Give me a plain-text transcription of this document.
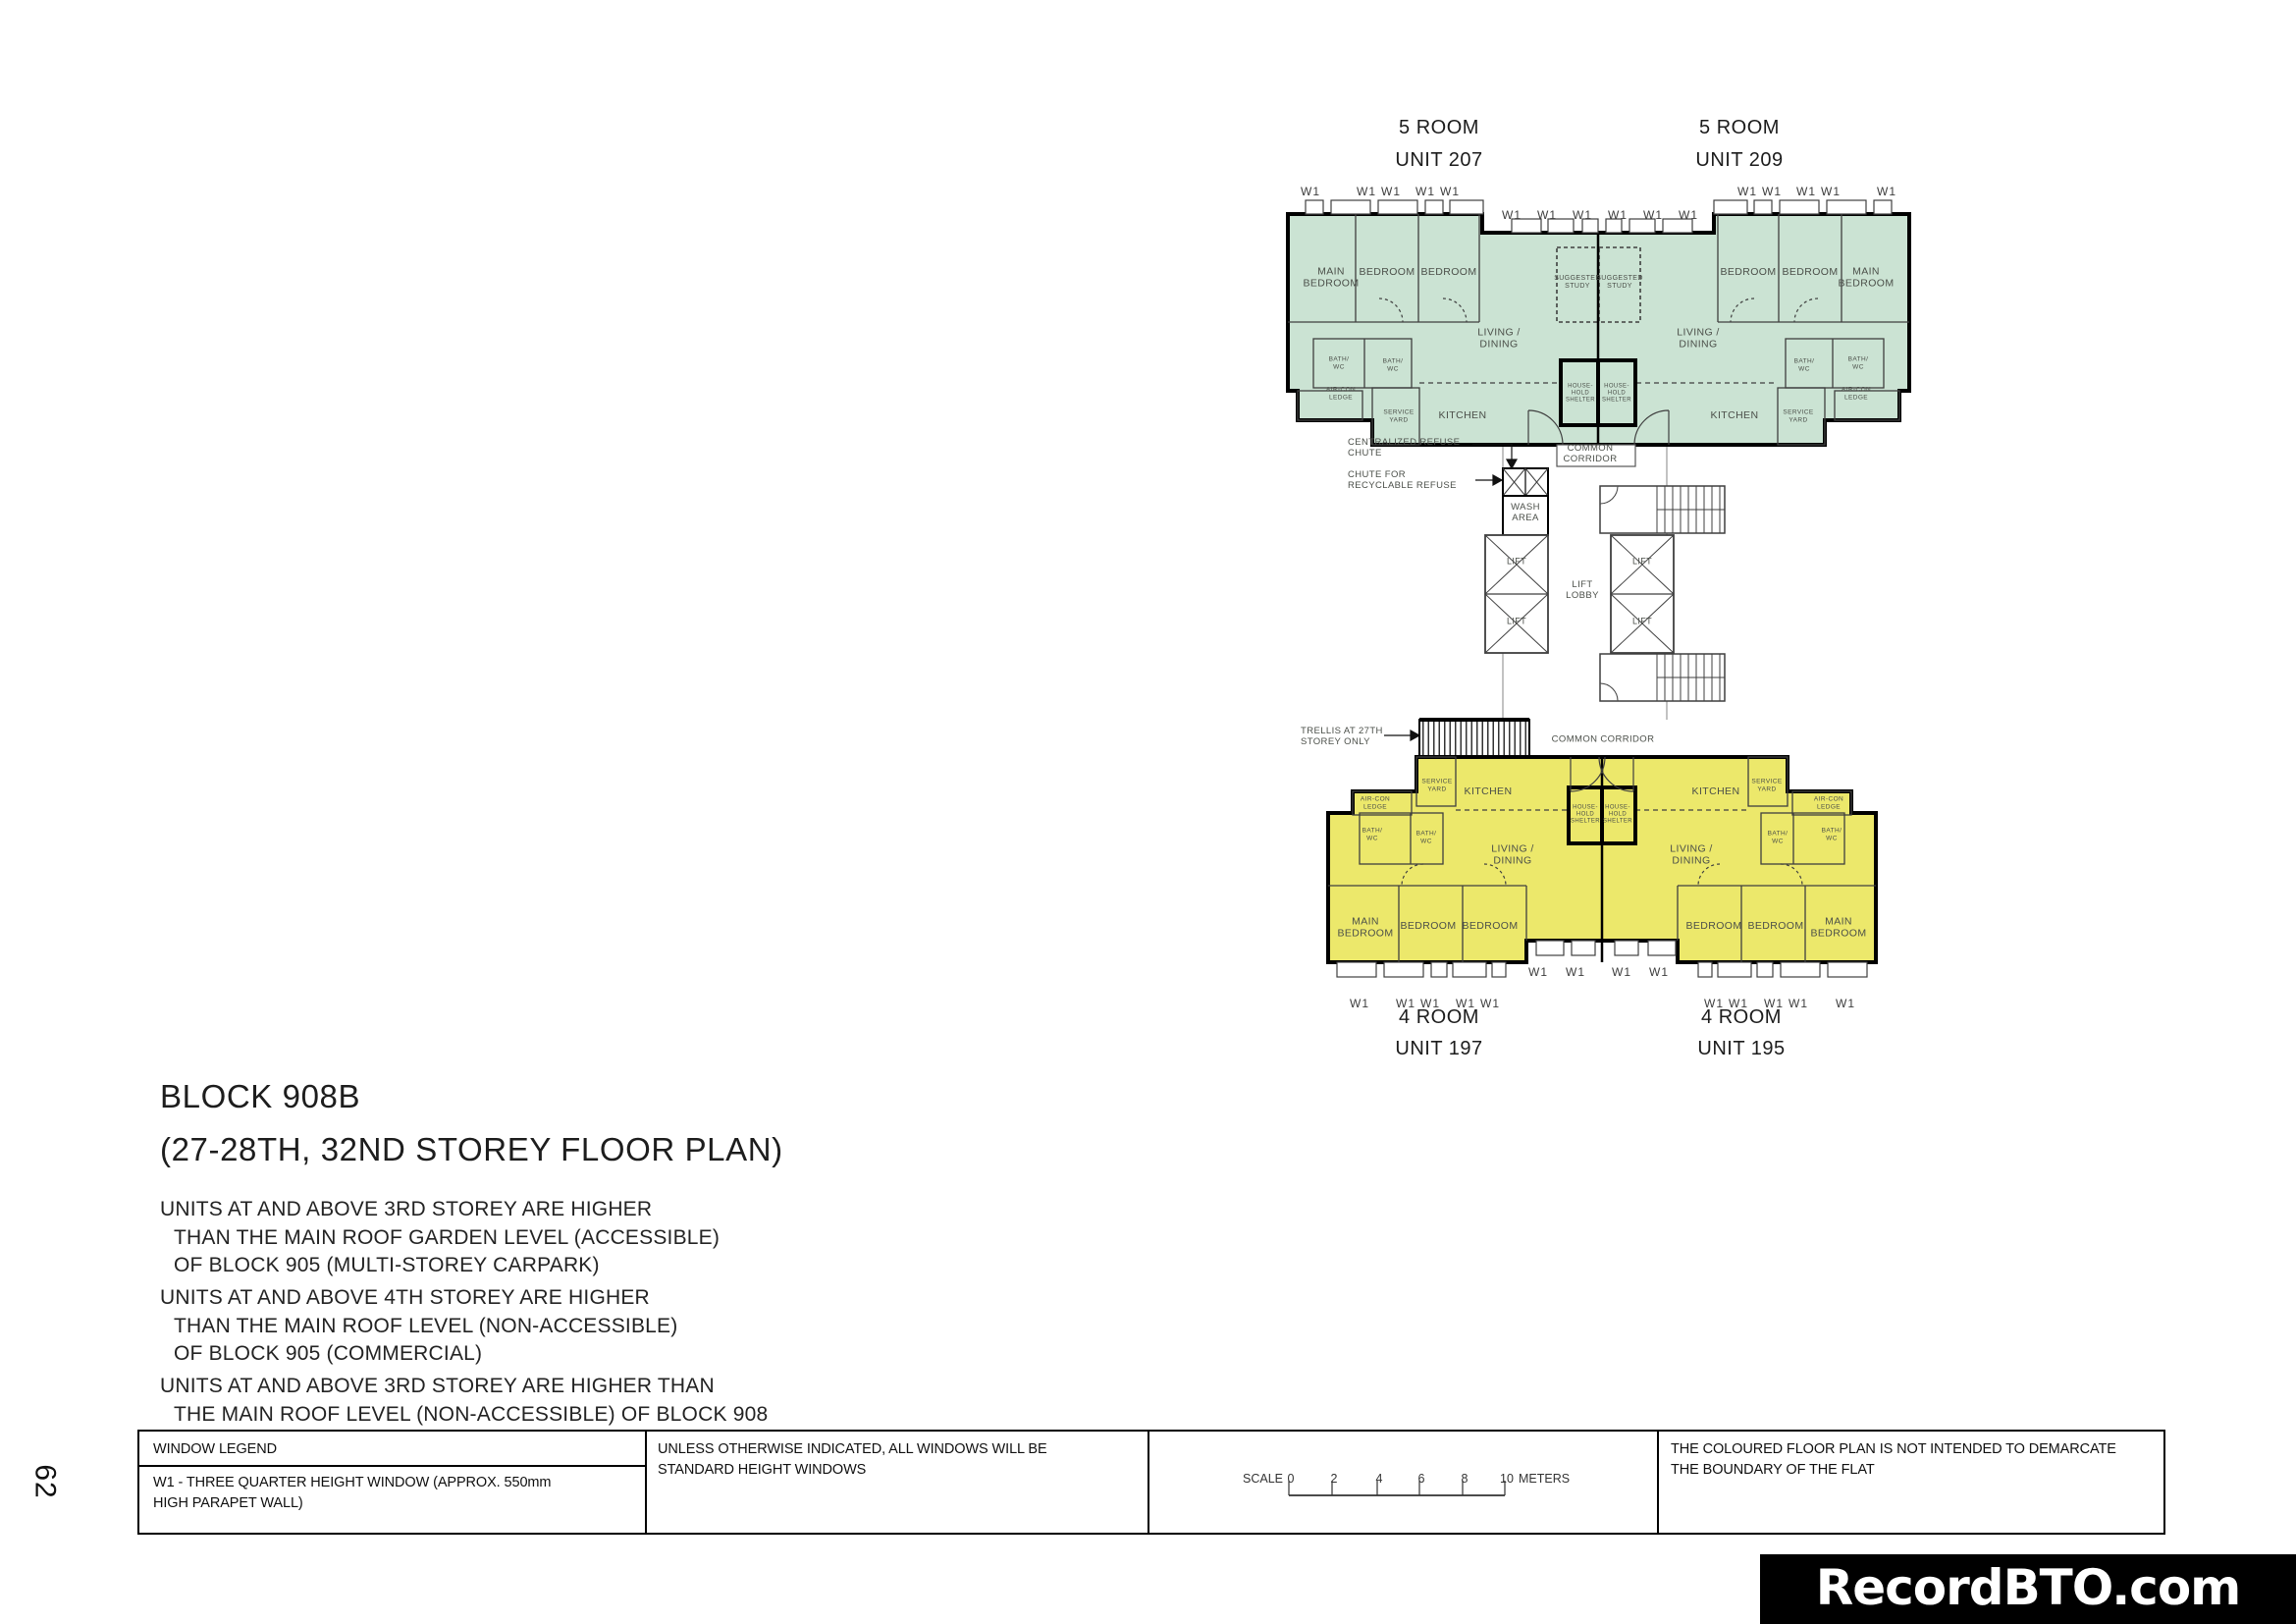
5 ROOM
UNIT 207
5 ROOM
UNIT 209
4 ROOM
UNIT 197
4 ROOM
UNIT 195
MAIN
BEDROOM
BEDROOM BEDROOM
SUGGESTED
STUDY
SUGGESTED
STUDY
LIVING /
DINING
BATH/
WC
BATH/
WC
AIR-CON
LEDGE
SERVICE
YARD	KITCHEN
HOUSE-
HOLD
SHELTER
HOUSE-
HOLD
SHELTER
BEDROOM BEDROOM	MAIN
BEDROOM
LIVING /
DINING
BATH/
WC
BATH/
WC
AIR-CON
LEDGE
SERVICE
YARD
KITCHEN
CENTRALIZED REFUSE
CHUTE
CHUTE FOR
RECYCLABLE REFUSE
COMMON
CORRIDOR
WASH
AREA
LIFT
LIFT
LIFT
LIFT
LIFT
LOBBY
TRELLIS AT 27TH
STOREY ONLY	COMMON CORRIDOR
AIR-CON
LEDGE
SERVICE
YARD	KITCHEN
BATH/
WC
BATH/
WC
HOUSE-
HOLD
SHELTER
HOUSE-
HOLD
SHELTER
LIVING /
DINING
MAIN
BEDROOM
BEDROOM BEDROOM
KITCHEN
SERVICE
YARD
AIR-CON
LEDGE
BATH/
WC
BATH/
WC
LIVING /
DINING
BEDROOM BEDROOM	MAIN
BEDROOM
W1	W1 W1 W1 W1
W1 W1 W1 W1 W1 W1
W1 W1 W1 W1	W1
W1 W1 W1 W1 W1
W1 W1 W1 W1
W1 W1 W1 W1 W1
BLOCK 908B
(27-28TH, 32ND STOREY FLOOR PLAN)
UNITS AT AND ABOVE 3RD STOREY ARE HIGHER
THAN THE MAIN ROOF GARDEN LEVEL (ACCESSIBLE)
OF BLOCK 905 (MULTI-STOREY CARPARK)
UNITS AT AND ABOVE 4TH STOREY ARE HIGHER
THAN THE MAIN ROOF LEVEL (NON-ACCESSIBLE)
OF BLOCK 905 (COMMERCIAL)
UNITS AT AND ABOVE 3RD STOREY ARE HIGHER THAN
THE MAIN ROOF LEVEL (NON-ACCESSIBLE) OF BLOCK 908
WINDOW LEGEND
W1 - THREE QUARTER HEIGHT WINDOW (APPROX. 550mm HIGH PARAPET WALL)
UNLESS OTHERWISE INDICATED, ALL WINDOWS WILL BE STANDARD HEIGHT WINDOWS
THE COLOURED FLOOR PLAN IS NOT INTENDED TO DEMARCATE THE BOUNDARY OF THE FLAT
SCALE 0	2	4	6	8	10 METERS
62
RecordBTO.com
